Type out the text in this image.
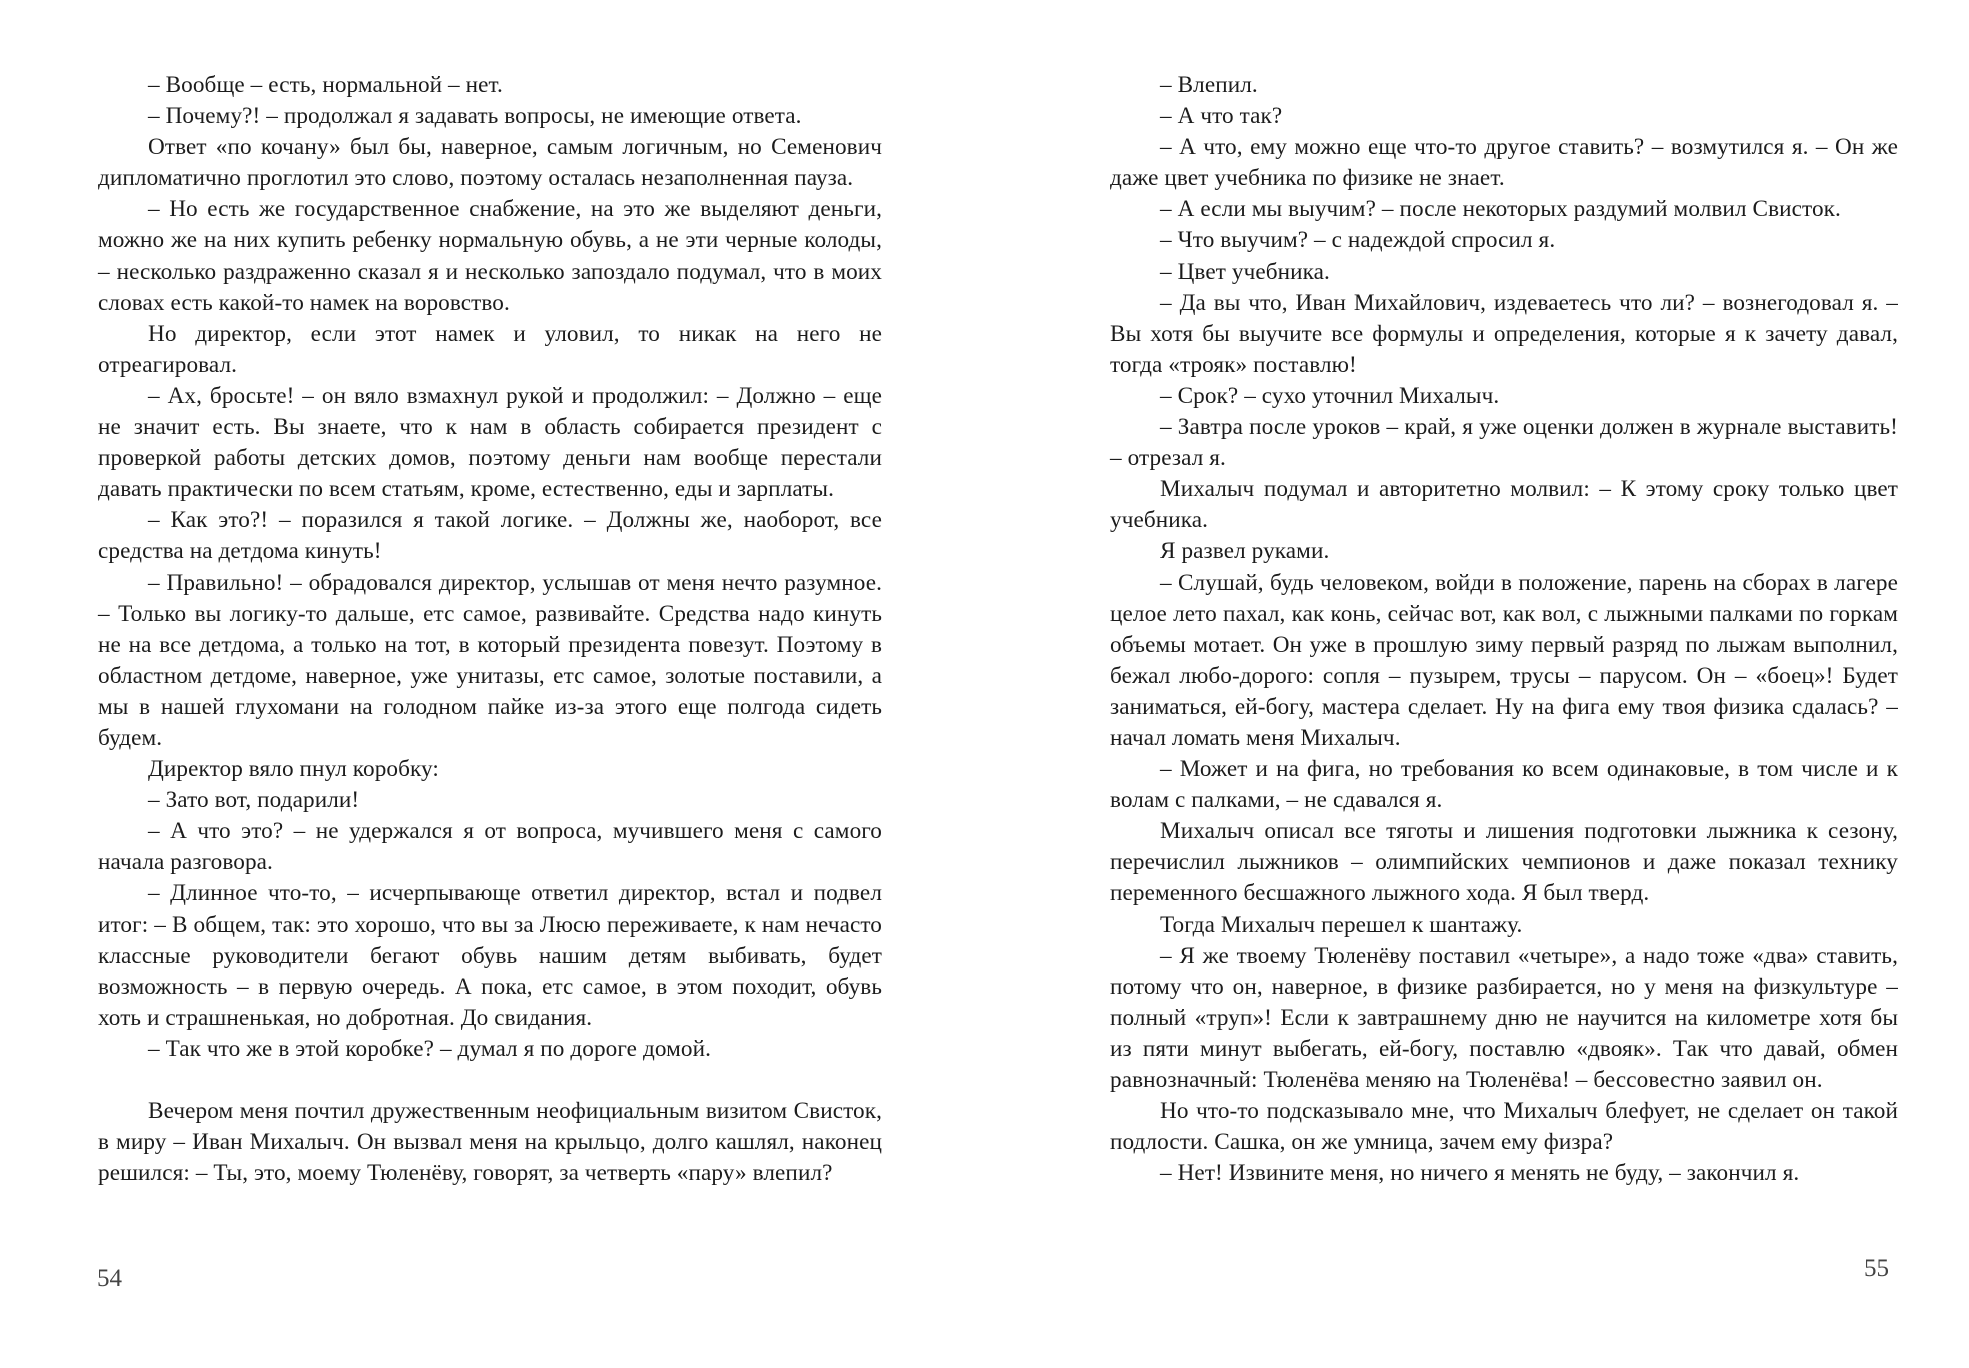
– Вообще – есть, нормальной – нет.

– Почему?! – продолжал я задавать вопросы, не имеющие ответа.

Ответ «по кочану» был бы, наверное, самым логичным, но Семенович дипломатично проглотил это слово, поэтому осталась незаполненная пауза.

– Но есть же государственное снабжение, на это же выделяют деньги, можно же на них купить ребенку нормальную обувь, а не эти черные колоды, – несколько раздраженно сказал я и несколько запоздало подумал, что в моих словах есть какой-то намек на воровство.

Но директор, если этот намек и уловил, то никак на него не отреагировал.

– Ах, бросьте! – он вяло взмахнул рукой и продолжил: – Должно – еще не значит есть. Вы знаете, что к нам в область собирается президент с проверкой работы детских домов, поэтому деньги нам вообще перестали давать практически по всем статьям, кроме, естественно, еды и зарплаты.

– Как это?! – поразился я такой логике. – Должны же, наоборот, все средства на детдома кинуть!

– Правильно! – обрадовался директор, услышав от меня нечто разумное. – Только вы логику-то дальше, етс самое, развивайте. Средства надо кинуть не на все детдома, а только на тот, в который президента повезут. Поэтому в областном детдоме, наверное, уже унитазы, етс самое, золотые поставили, а мы в нашей глухомани на голодном пайке из-за этого еще полгода сидеть будем.

Директор вяло пнул коробку:

– Зато вот, подарили!

– А что это? – не удержался я от вопроса, мучившего меня с самого начала разговора.

– Длинное что-то, – исчерпывающе ответил директор, встал и подвел итог: – В общем, так: это хорошо, что вы за Люсю переживаете, к нам нечасто классные руководители бегают обувь нашим детям выбивать, будет возможность – в первую очередь. А пока, етс самое, в этом походит, обувь хоть и страшненькая, но добротная. До свидания.

– Так что же в этой коробке? – думал я по дороге домой.

Вечером меня почтил дружественным неофициальным визитом Свисток, в миру – Иван Михалыч. Он вызвал меня на крыльцо, долго кашлял, наконец решился: – Ты, это, моему Тюленёву, говорят, за четверть «пару» влепил?

54

– Влепил.

– А что так?

– А что, ему можно еще что-то другое ставить? – возмутился я. – Он же даже цвет учебника по физике не знает.

– А если мы выучим? – после некоторых раздумий молвил Свисток.

– Что выучим? – с надеждой спросил я.

– Цвет учебника.

– Да вы что, Иван Михайлович, издеваетесь что ли? – вознегодовал я. – Вы хотя бы выучите все формулы и определения, которые я к зачету давал, тогда «трояк» поставлю!

– Срок? – сухо уточнил Михалыч.

– Завтра после уроков – край, я уже оценки должен в журнале выставить! – отрезал я.

Михалыч подумал и авторитетно молвил: – К этому сроку только цвет учебника.

Я развел руками.

– Слушай, будь человеком, войди в положение, парень на сборах в лагере целое лето пахал, как конь, сейчас вот, как вол, с лыжными палками по горкам объемы мотает. Он уже в прошлую зиму первый разряд по лыжам выполнил, бежал любо-дорого: сопля – пузырем, трусы – парусом. Он – «боец»! Будет заниматься, ей-богу, мастера сделает. Ну на фига ему твоя физика сдалась? – начал ломать меня Михалыч.

– Может и на фига, но требования ко всем одинаковые, в том числе и к волам с палками, – не сдавался я.

Михалыч описал все тяготы и лишения подготовки лыжника к сезону, перечислил лыжников – олимпийских чемпионов и даже показал технику переменного бесшажного лыжного хода. Я был тверд.

Тогда Михалыч перешел к шантажу.

– Я же твоему Тюленёву поставил «четыре», а надо тоже «два» ставить, потому что он, наверное, в физике разбирается, но у меня на физкультуре – полный «труп»! Если к завтрашнему дню не научится на километре хотя бы из пяти минут выбегать, ей-богу, поставлю «двояк». Так что давай, обмен равнозначный: Тюленёва меняю на Тюленёва! – бессовестно заявил он.

Но что-то подсказывало мне, что Михалыч блефует, не сделает он такой подлости. Сашка, он же умница, зачем ему физра?

– Нет! Извините меня, но ничего я менять не буду, – закончил я.

55
